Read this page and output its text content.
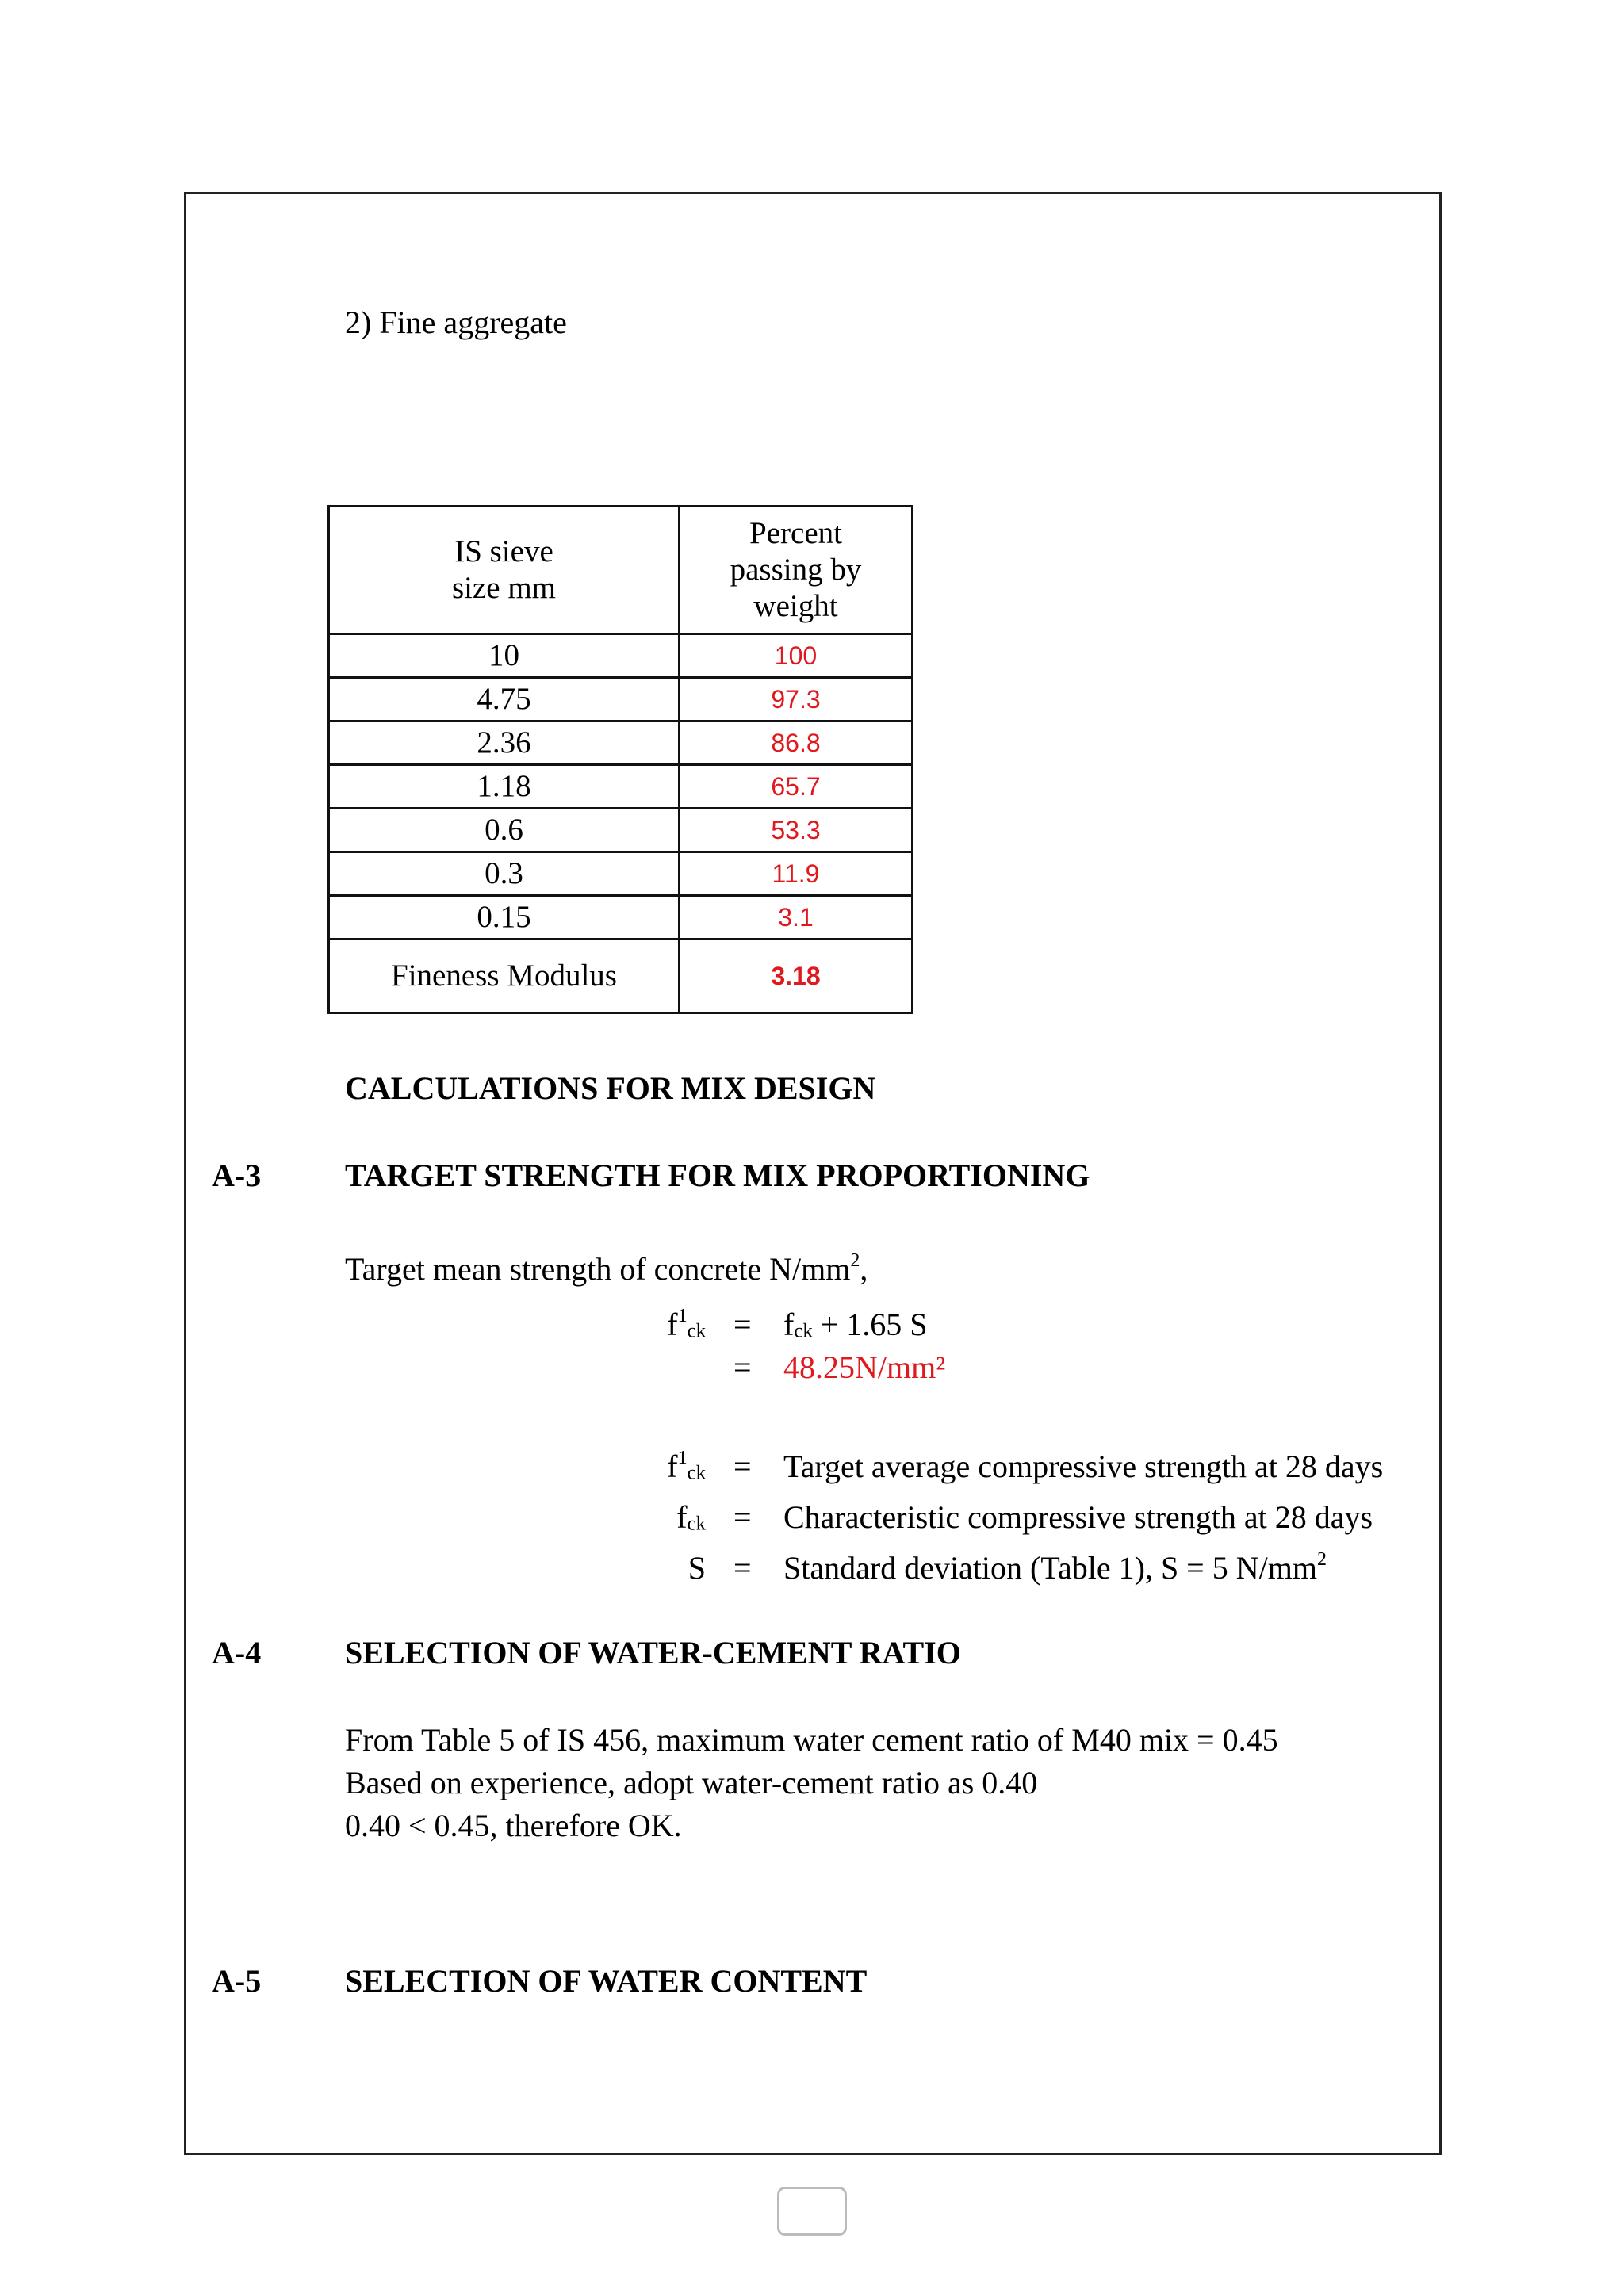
2) Fine aggregate
IS sieve size mm	Percent passing by weight

10	100
4.75	97.3
2.36	86.8
1.18	65.7
0.6	53.3
0.3	11.9
0.15	3.1
Fineness Modulus	3.18
CALCULATIONS FOR MIX DESIGN
A-3	TARGET STRENGTH FOR MIX PROPORTIONING
Target mean strength of concrete $N/mm^2$,
$f^1_{ck} = f_{ck} + 1.65$ S
= 48.25N/mm²
$f^1_{ck}$ = Target average compressive strength at 28 days
$f_{ck}$ = Characteristic compressive strength at 28 days
S = Standard deviation (Table 1), S = 5 $N/mm^2$
A-4	SELECTION OF WATER-CEMENT RATIO
From Table 5 of IS 456, maximum water cement ratio of M40 mix = 0.45
Based on experience, adopt water-cement ratio as 0.40
0.40 < 0.45, therefore OK.
A-5	SELECTION OF WATER CONTENT
